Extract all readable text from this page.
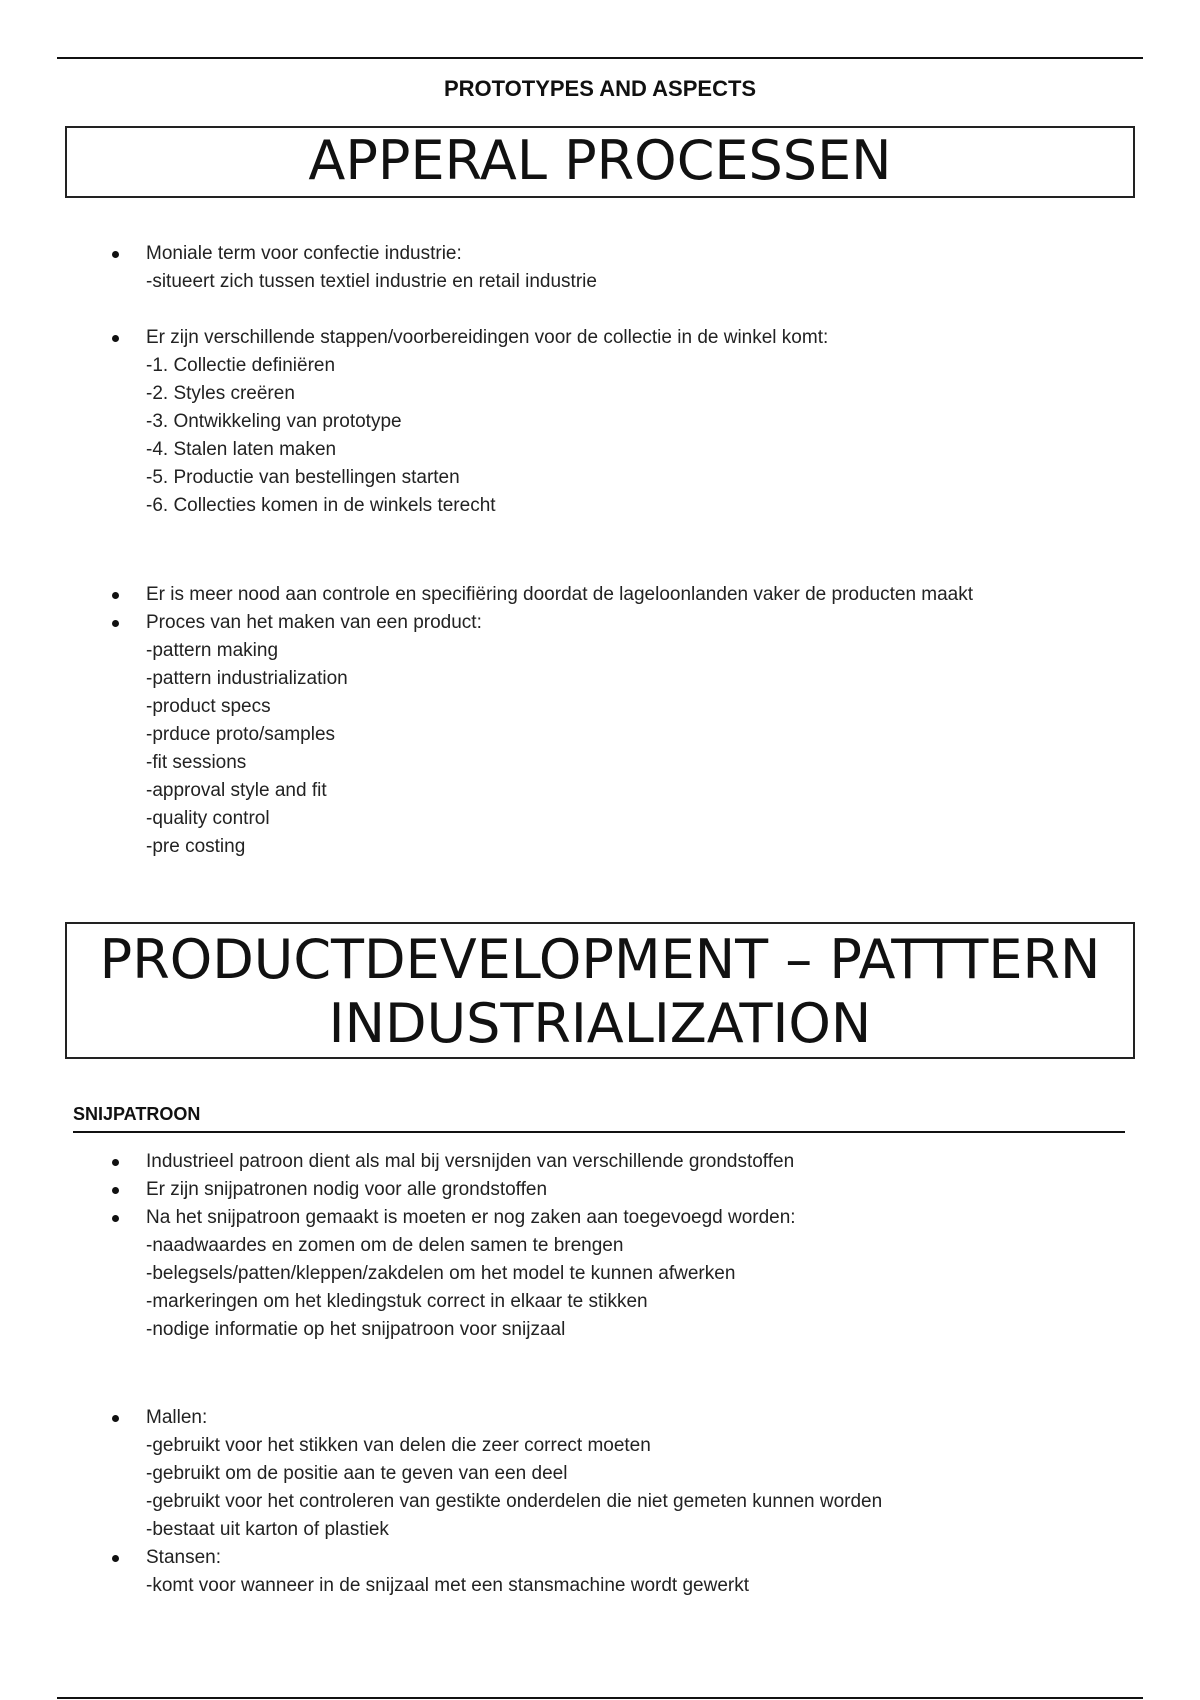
PROTOTYPES AND ASPECTS
APPERAL PROCESSEN
Moniale term voor confectie industrie:
-situeert zich tussen textiel industrie en retail industrie
Er zijn verschillende stappen/voorbereidingen voor de collectie in de winkel komt:
-1. Collectie definiëren
-2. Styles creëren
-3. Ontwikkeling van prototype
-4. Stalen laten maken
-5. Productie van bestellingen starten
-6. Collecties komen in de winkels terecht
Er is meer nood aan controle en specifiëring doordat de lageloonlanden vaker de producten maakt
Proces van het maken van een product:
-pattern making
-pattern industrialization
-product specs
-prduce proto/samples
-fit sessions
-approval style and fit
-quality control
-pre costing
PRODUCTDEVELOPMENT – PATTTERN
INDUSTRIALIZATION
SNIJPATROON
Industrieel patroon dient als mal bij versnijden van verschillende grondstoffen
Er zijn snijpatronen nodig voor alle grondstoffen
Na het snijpatroon gemaakt is moeten er nog zaken aan toegevoegd worden:
-naadwaardes en zomen om de delen samen te brengen
-belegsels/patten/kleppen/zakdelen om het model te kunnen afwerken
-markeringen om het kledingstuk correct in elkaar te stikken
-nodige informatie op het snijpatroon voor snijzaal
Mallen:
-gebruikt voor het stikken van delen die zeer correct moeten
-gebruikt om de positie aan te geven van een deel
-gebruikt voor het controleren van gestikte onderdelen die niet gemeten kunnen worden
-bestaat uit karton of plastiek
Stansen:
-komt voor wanneer in de snijzaal met een stansmachine wordt gewerkt
